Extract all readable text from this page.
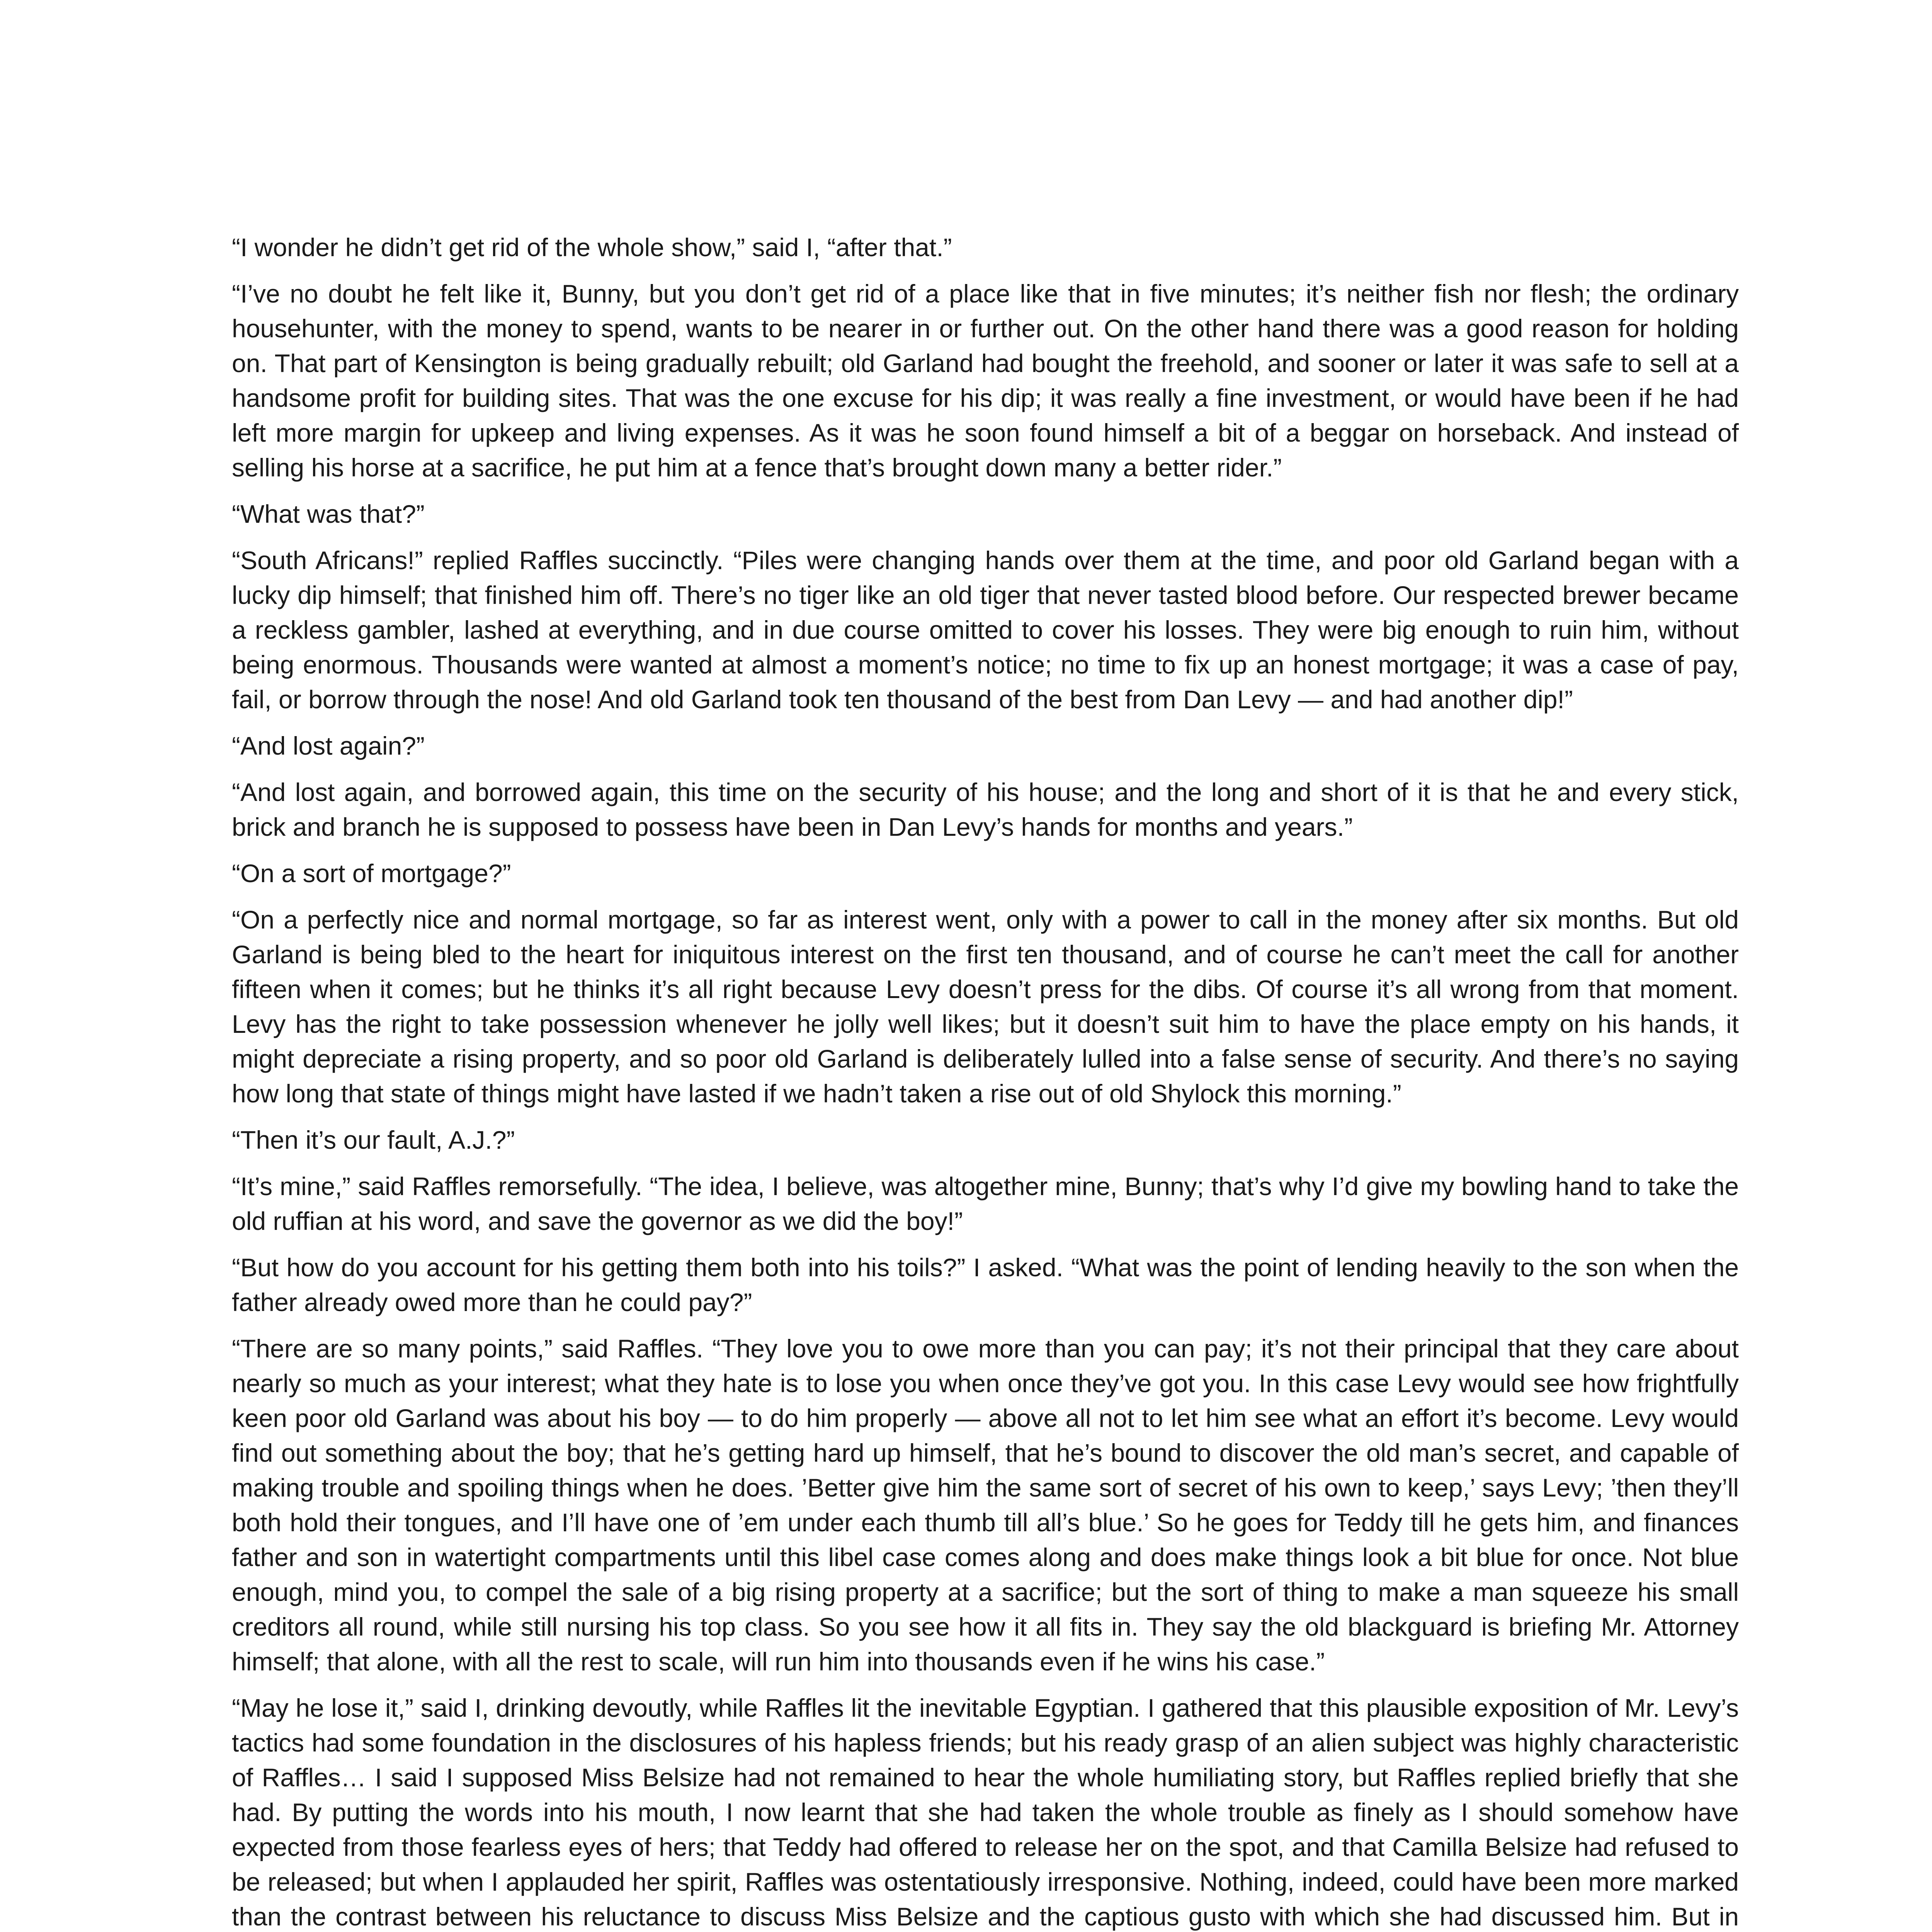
“I wonder he didn’t get rid of the whole show,” said I, “after that.”

“I’ve no doubt he felt like it, Bunny, but you don’t get rid of a place like that in five minutes; it’s neither fish nor flesh; the ordinary househunter, with the money to spend, wants to be nearer in or further out. On the other hand there was a good reason for holding on. That part of Kensington is being gradually rebuilt; old Garland had bought the freehold, and sooner or later it was safe to sell at a handsome profit for building sites. That was the one excuse for his dip; it was really a fine investment, or would have been if he had left more margin for upkeep and living expenses. As it was he soon found himself a bit of a beggar on horseback. And instead of selling his horse at a sacrifice, he put him at a fence that’s brought down many a better rider.”

“What was that?”

“South Africans!” replied Raffles succinctly. “Piles were changing hands over them at the time, and poor old Garland began with a lucky dip himself; that finished him off. There’s no tiger like an old tiger that never tasted blood before. Our respected brewer became a reckless gambler, lashed at everything, and in due course omitted to cover his losses. They were big enough to ruin him, without being enormous. Thousands were wanted at almost a moment’s notice; no time to fix up an honest mortgage; it was a case of pay, fail, or borrow through the nose! And old Garland took ten thousand of the best from Dan Levy — and had another dip!”

“And lost again?”

“And lost again, and borrowed again, this time on the security of his house; and the long and short of it is that he and every stick, brick and branch he is supposed to possess have been in Dan Levy’s hands for months and years.”

“On a sort of mortgage?”

“On a perfectly nice and normal mortgage, so far as interest went, only with a power to call in the money after six months. But old Garland is being bled to the heart for iniquitous interest on the first ten thousand, and of course he can’t meet the call for another fifteen when it comes; but he thinks it’s all right because Levy doesn’t press for the dibs. Of course it’s all wrong from that moment. Levy has the right to take possession whenever he jolly well likes; but it doesn’t suit him to have the place empty on his hands, it might depreciate a rising property, and so poor old Garland is deliberately lulled into a false sense of security. And there’s no saying how long that state of things might have lasted if we hadn’t taken a rise out of old Shylock this morning.”

“Then it’s our fault, A.J.?”

“It’s mine,” said Raffles remorsefully. “The idea, I believe, was altogether mine, Bunny; that’s why I’d give my bowling hand to take the old ruffian at his word, and save the governor as we did the boy!”

“But how do you account for his getting them both into his toils?” I asked. “What was the point of lending heavily to the son when the father already owed more than he could pay?”

“There are so many points,” said Raffles. “They love you to owe more than you can pay; it’s not their principal that they care about nearly so much as your interest; what they hate is to lose you when once they’ve got you. In this case Levy would see how frightfully keen poor old Garland was about his boy — to do him properly — above all not to let him see what an effort it’s become. Levy would find out something about the boy; that he’s getting hard up himself, that he’s bound to discover the old man’s secret, and capable of making trouble and spoiling things when he does. ’Better give him the same sort of secret of his own to keep,’ says Levy; ’then they’ll both hold their tongues, and I’ll have one of ’em under each thumb till all’s blue.’ So he goes for Teddy till he gets him, and finances father and son in watertight compartments until this libel case comes along and does make things look a bit blue for once. Not blue enough, mind you, to compel the sale of a big rising property at a sacrifice; but the sort of thing to make a man squeeze his small creditors all round, while still nursing his top class. So you see how it all fits in. They say the old blackguard is briefing Mr. Attorney himself; that alone, with all the rest to scale, will run him into thousands even if he wins his case.”

“May he lose it,” said I, drinking devoutly, while Raffles lit the inevitable Egyptian. I gathered that this plausible exposition of Mr. Levy’s tactics had some foundation in the disclosures of his hapless friends; but his ready grasp of an alien subject was highly characteristic of Raffles… I said I supposed Miss Belsize had not remained to hear the whole humiliating story, but Raffles replied briefly that she had. By putting the words into his mouth, I now learnt that she had taken the whole trouble as finely as I should somehow have expected from those fearless eyes of hers; that Teddy had offered to release her on the spot, and that Camilla Belsize had refused to be released; but when I applauded her spirit, Raffles was ostentatiously irresponsive. Nothing, indeed, could have been more marked than the contrast between his reluctance to discuss Miss Belsize and the captious gusto with which she had discussed him. But in
